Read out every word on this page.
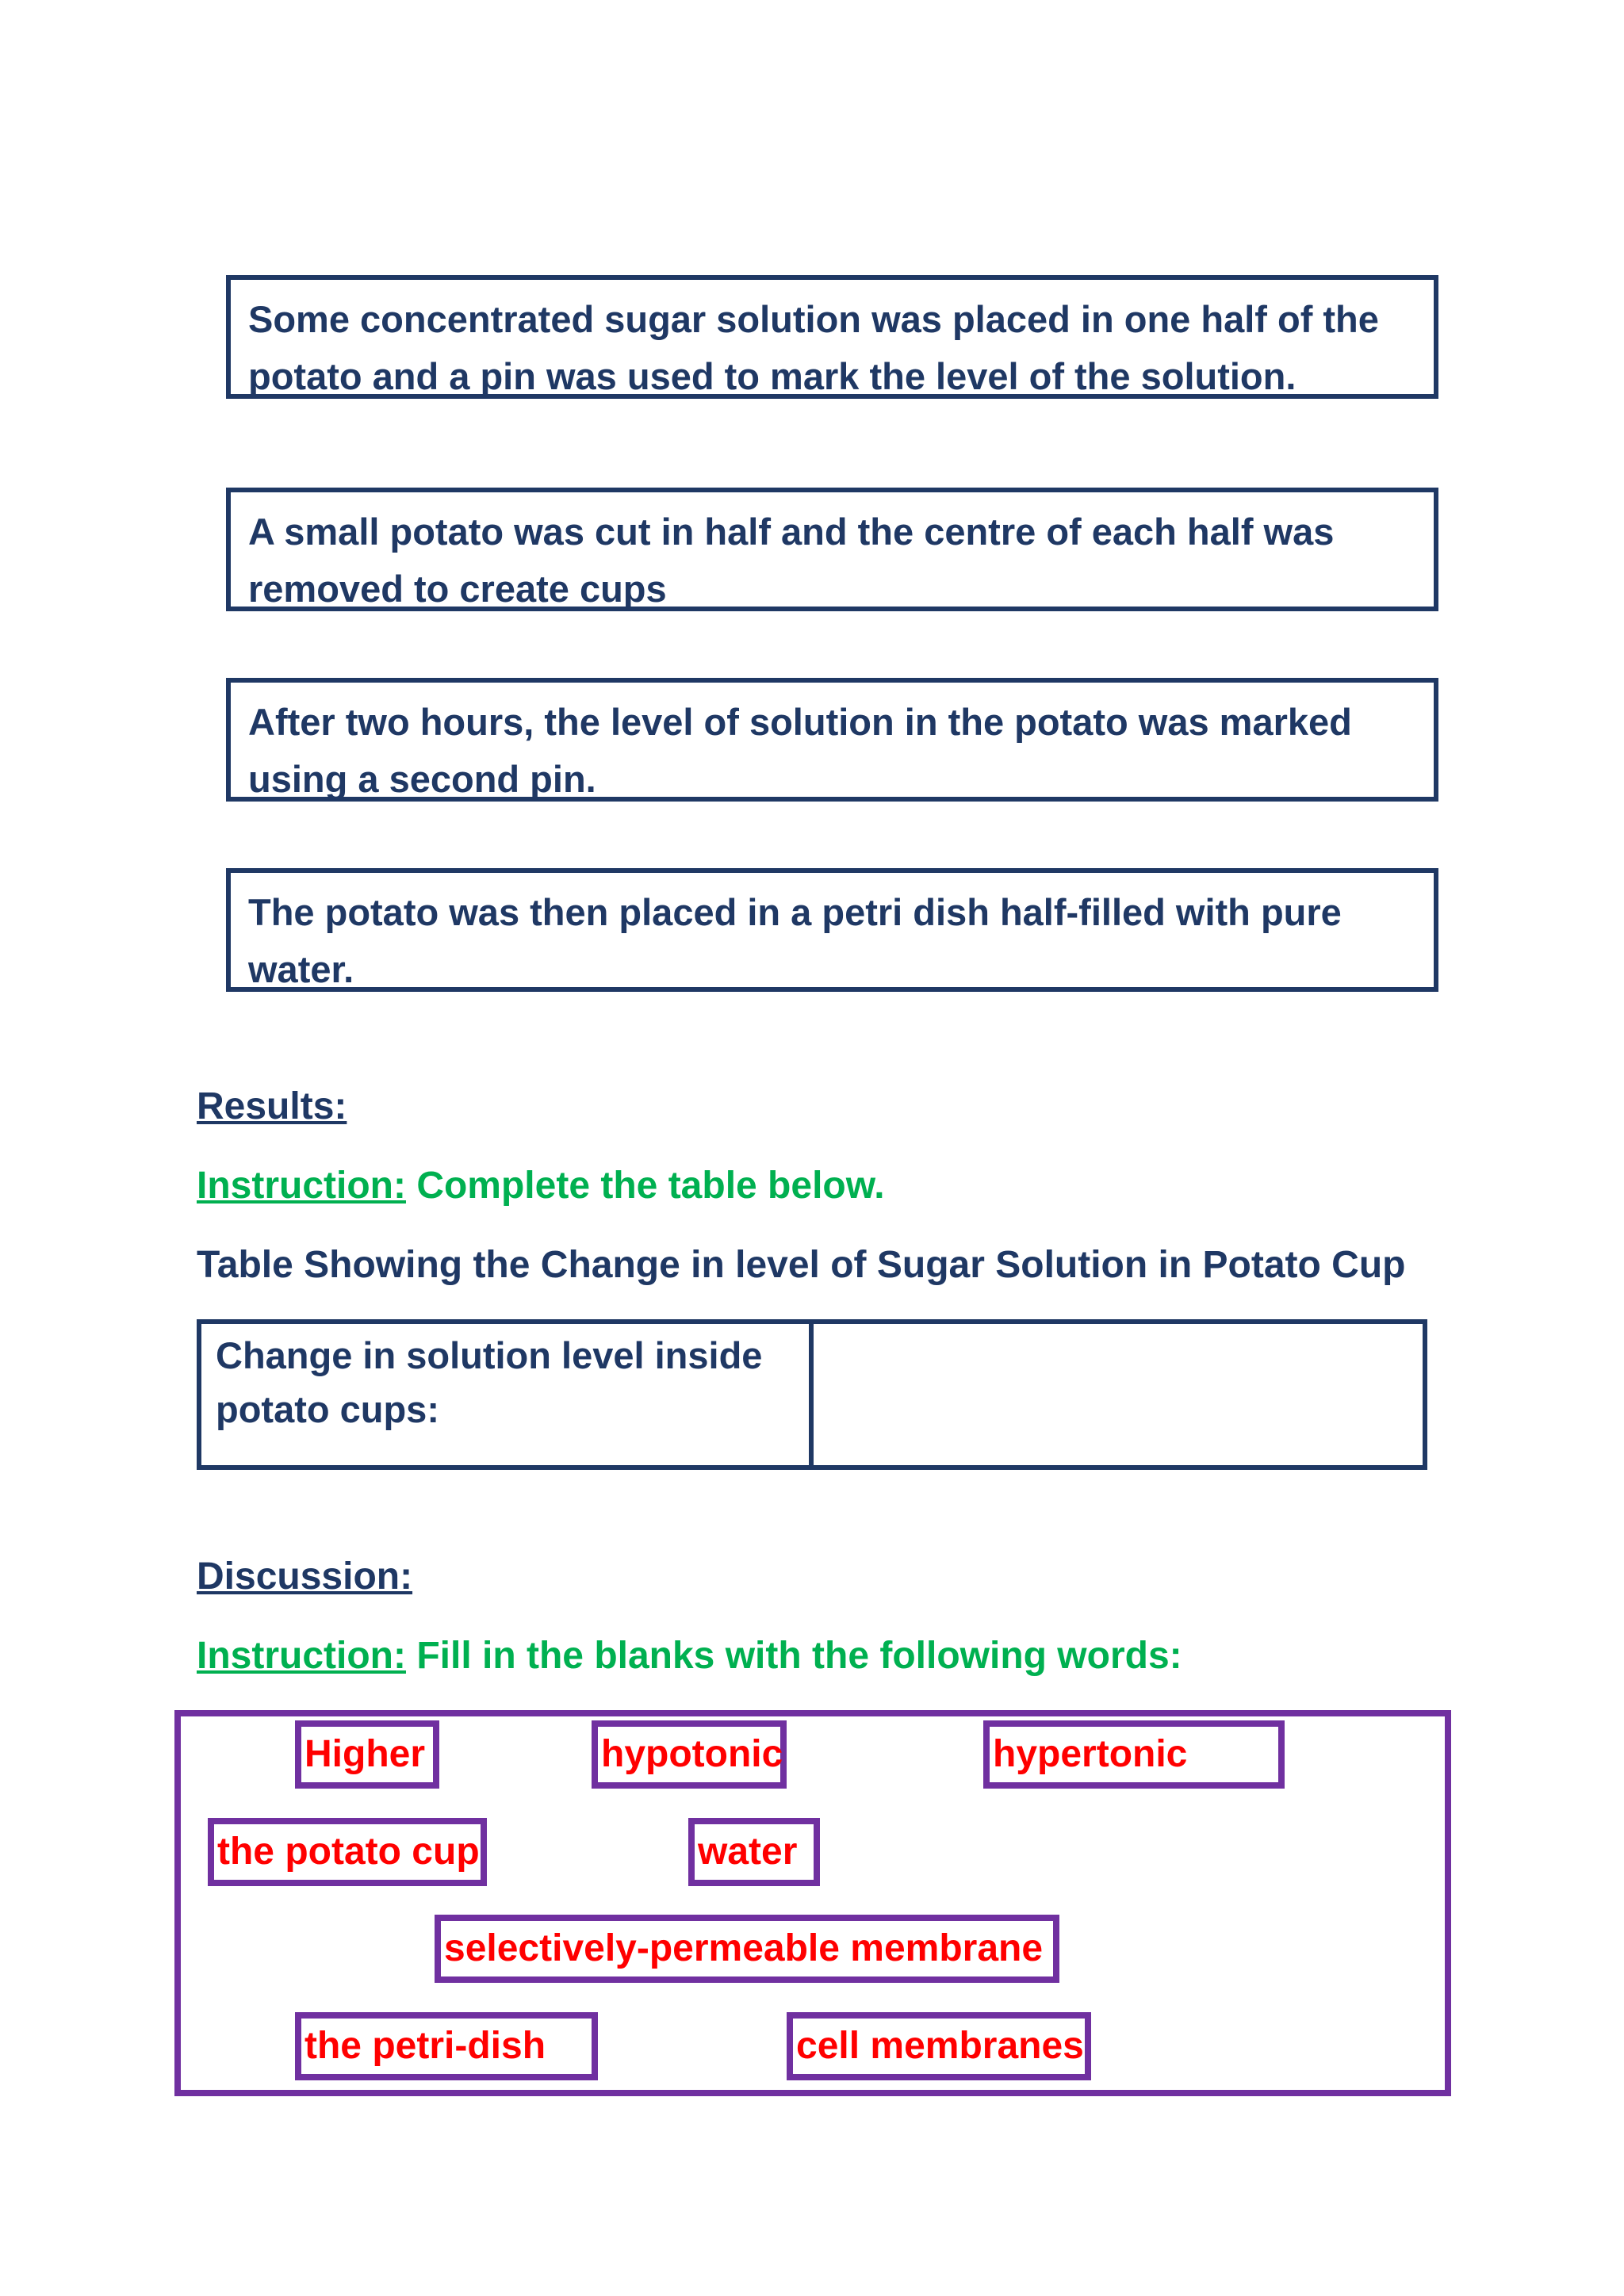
Some concentrated sugar solution was placed in one half of the potato and a pin was used to mark the level of the solution.
A small potato was cut in half and the centre of each half was removed to create cups
After two hours, the level of solution in the potato was marked using a second pin.
The potato was then placed in a petri dish half-filled with pure water.
Results:
Instruction: Complete the table below.
Table Showing the Change in level of Sugar Solution in Potato Cup
Change in solution level inside potato cups:
Discussion:
Instruction: Fill in the blanks with the following words:
Higher	hypotonic	hypertonic
the potato cup	water
selectively-permeable membrane
the petri-dish	cell membranes
